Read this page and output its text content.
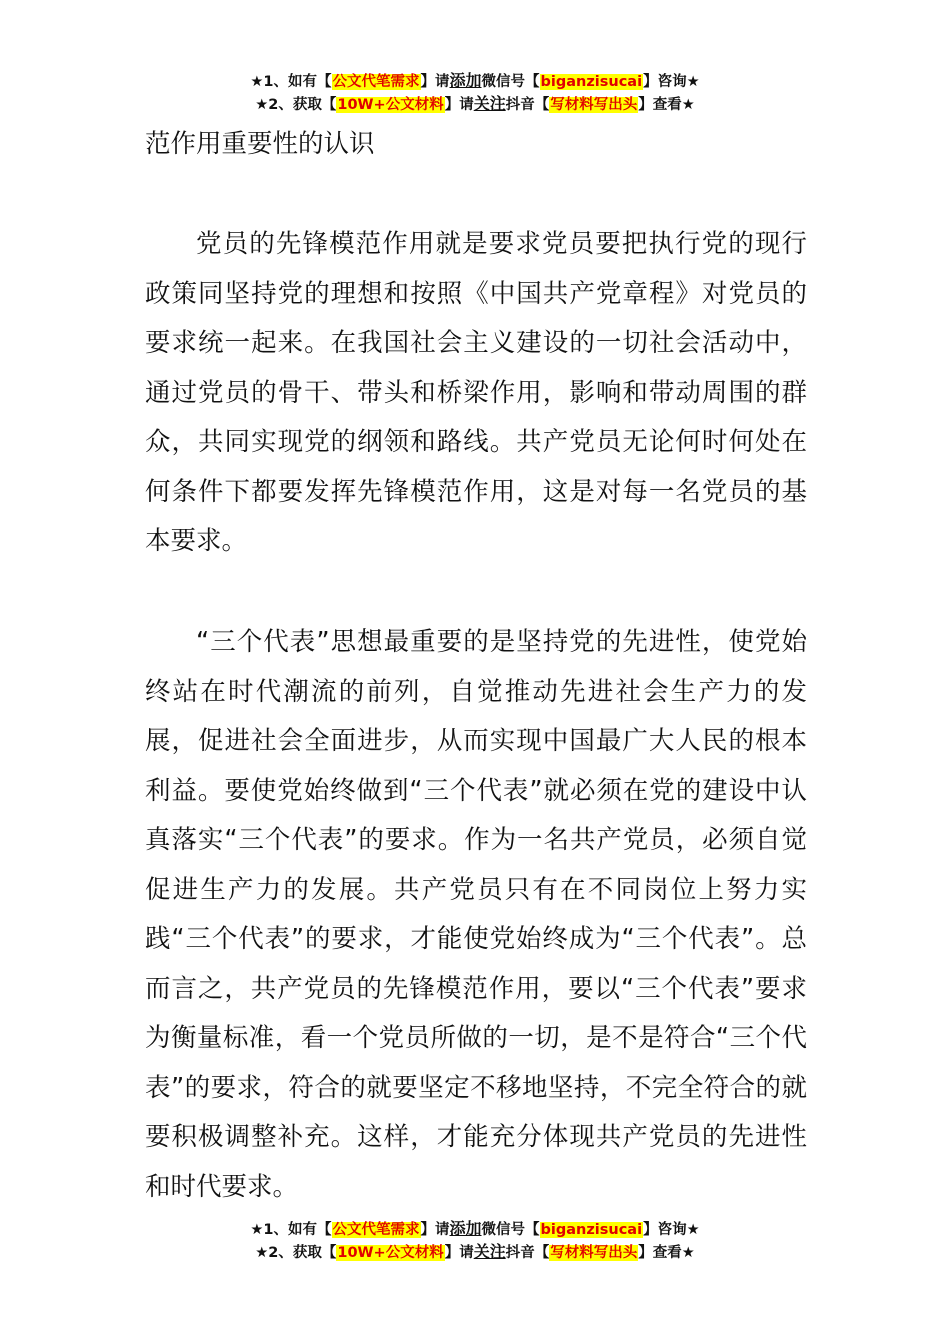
★1、如有【公文代笔需求】请添加微信号【biganzisucai】咨询★
★2、获取【10W+公文材料】请关注抖音【写材料写出头】查看★

范作用重要性的认识

党员的先锋模范作用就是要求党员要把执行党的现行政策同坚持党的理想和按照《中国共产党章程》对党员的要求统一起来。在我国社会主义建设的一切社会活动中，通过党员的骨干、带头和桥梁作用，影响和带动周围的群众，共同实现党的纲领和路线。共产党员无论何时何处在何条件下都要发挥先锋模范作用，这是对每一名党员的基本要求。

“三个代表”思想最重要的是坚持党的先进性，使党始终站在时代潮流的前列，自觉推动先进社会生产力的发展，促进社会全面进步，从而实现中国最广大人民的根本利益。要使党始终做到“三个代表”就必须在党的建设中认真落实“三个代表”的要求。作为一名共产党员，必须自觉促进生产力的发展。共产党员只有在不同岗位上努力实践“三个代表”的要求，才能使党始终成为“三个代表”。总而言之，共产党员的先锋模范作用，要以“三个代表”要求为衡量标准，看一个党员所做的一切，是不是符合“三个代表”的要求，符合的就要坚定不移地坚持，不完全符合的就要积极调整补充。这样，才能充分体现共产党员的先进性和时代要求。

★1、如有【公文代笔需求】请添加微信号【biganzisucai】咨询★
★2、获取【10W+公文材料】请关注抖音【写材料写出头】查看★
